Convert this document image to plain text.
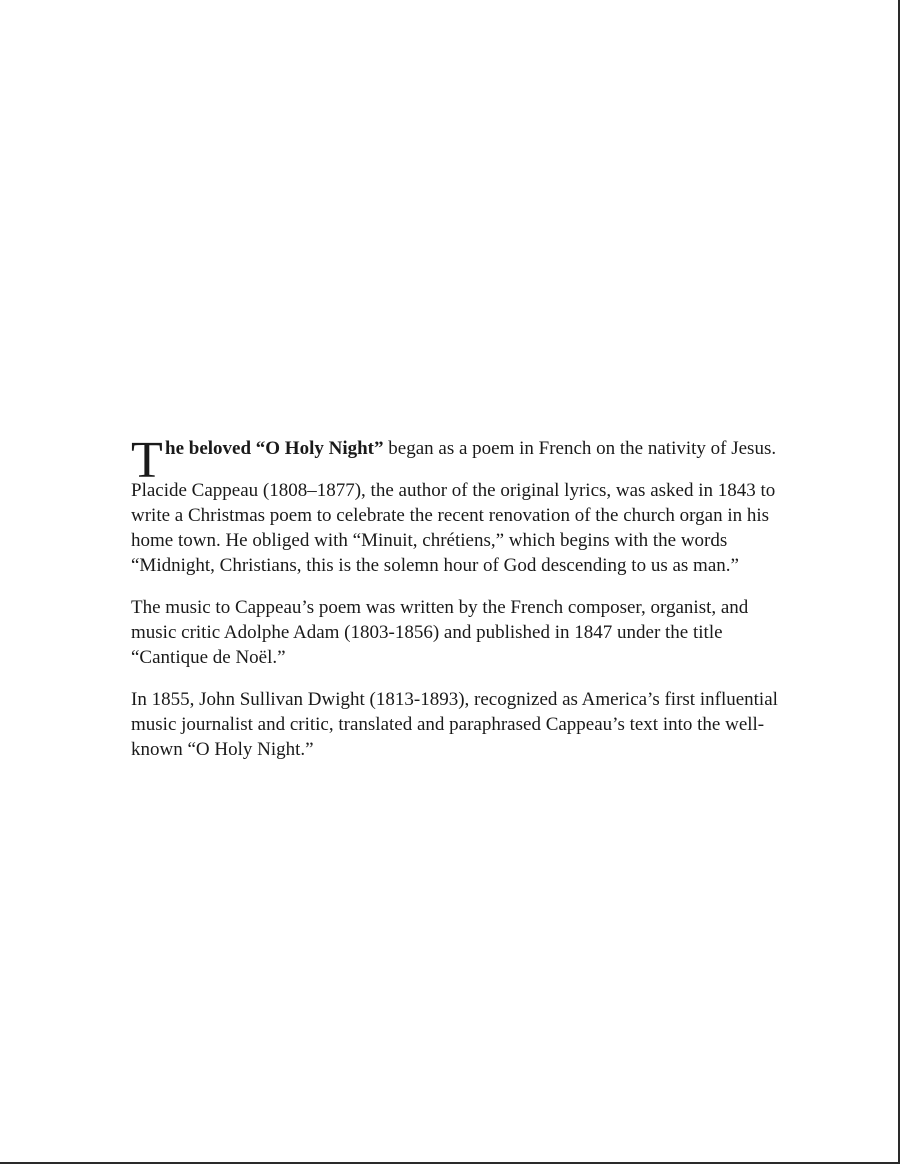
T he beloved “O Holy Night” began as a poem in French on the nativity of Jesus.

Placide Cappeau (1808–1877), the author of the original lyrics, was asked in 1843 to write a Christmas poem to celebrate the recent renovation of the church organ in his home town. He obliged with “Minuit, chrétiens,” which begins with the words “Midnight, Christians, this is the solemn hour of God descending to us as man.”

The music to Cappeau’s poem was written by the French composer, organist, and music critic Adolphe Adam (1803-1856) and published in 1847 under the title “Cantique de Noël.”

In 1855, John Sullivan Dwight (1813-1893), recognized as America’s first influential music journalist and critic, translated and paraphrased Cappeau’s text into the well-known “O Holy Night.”
